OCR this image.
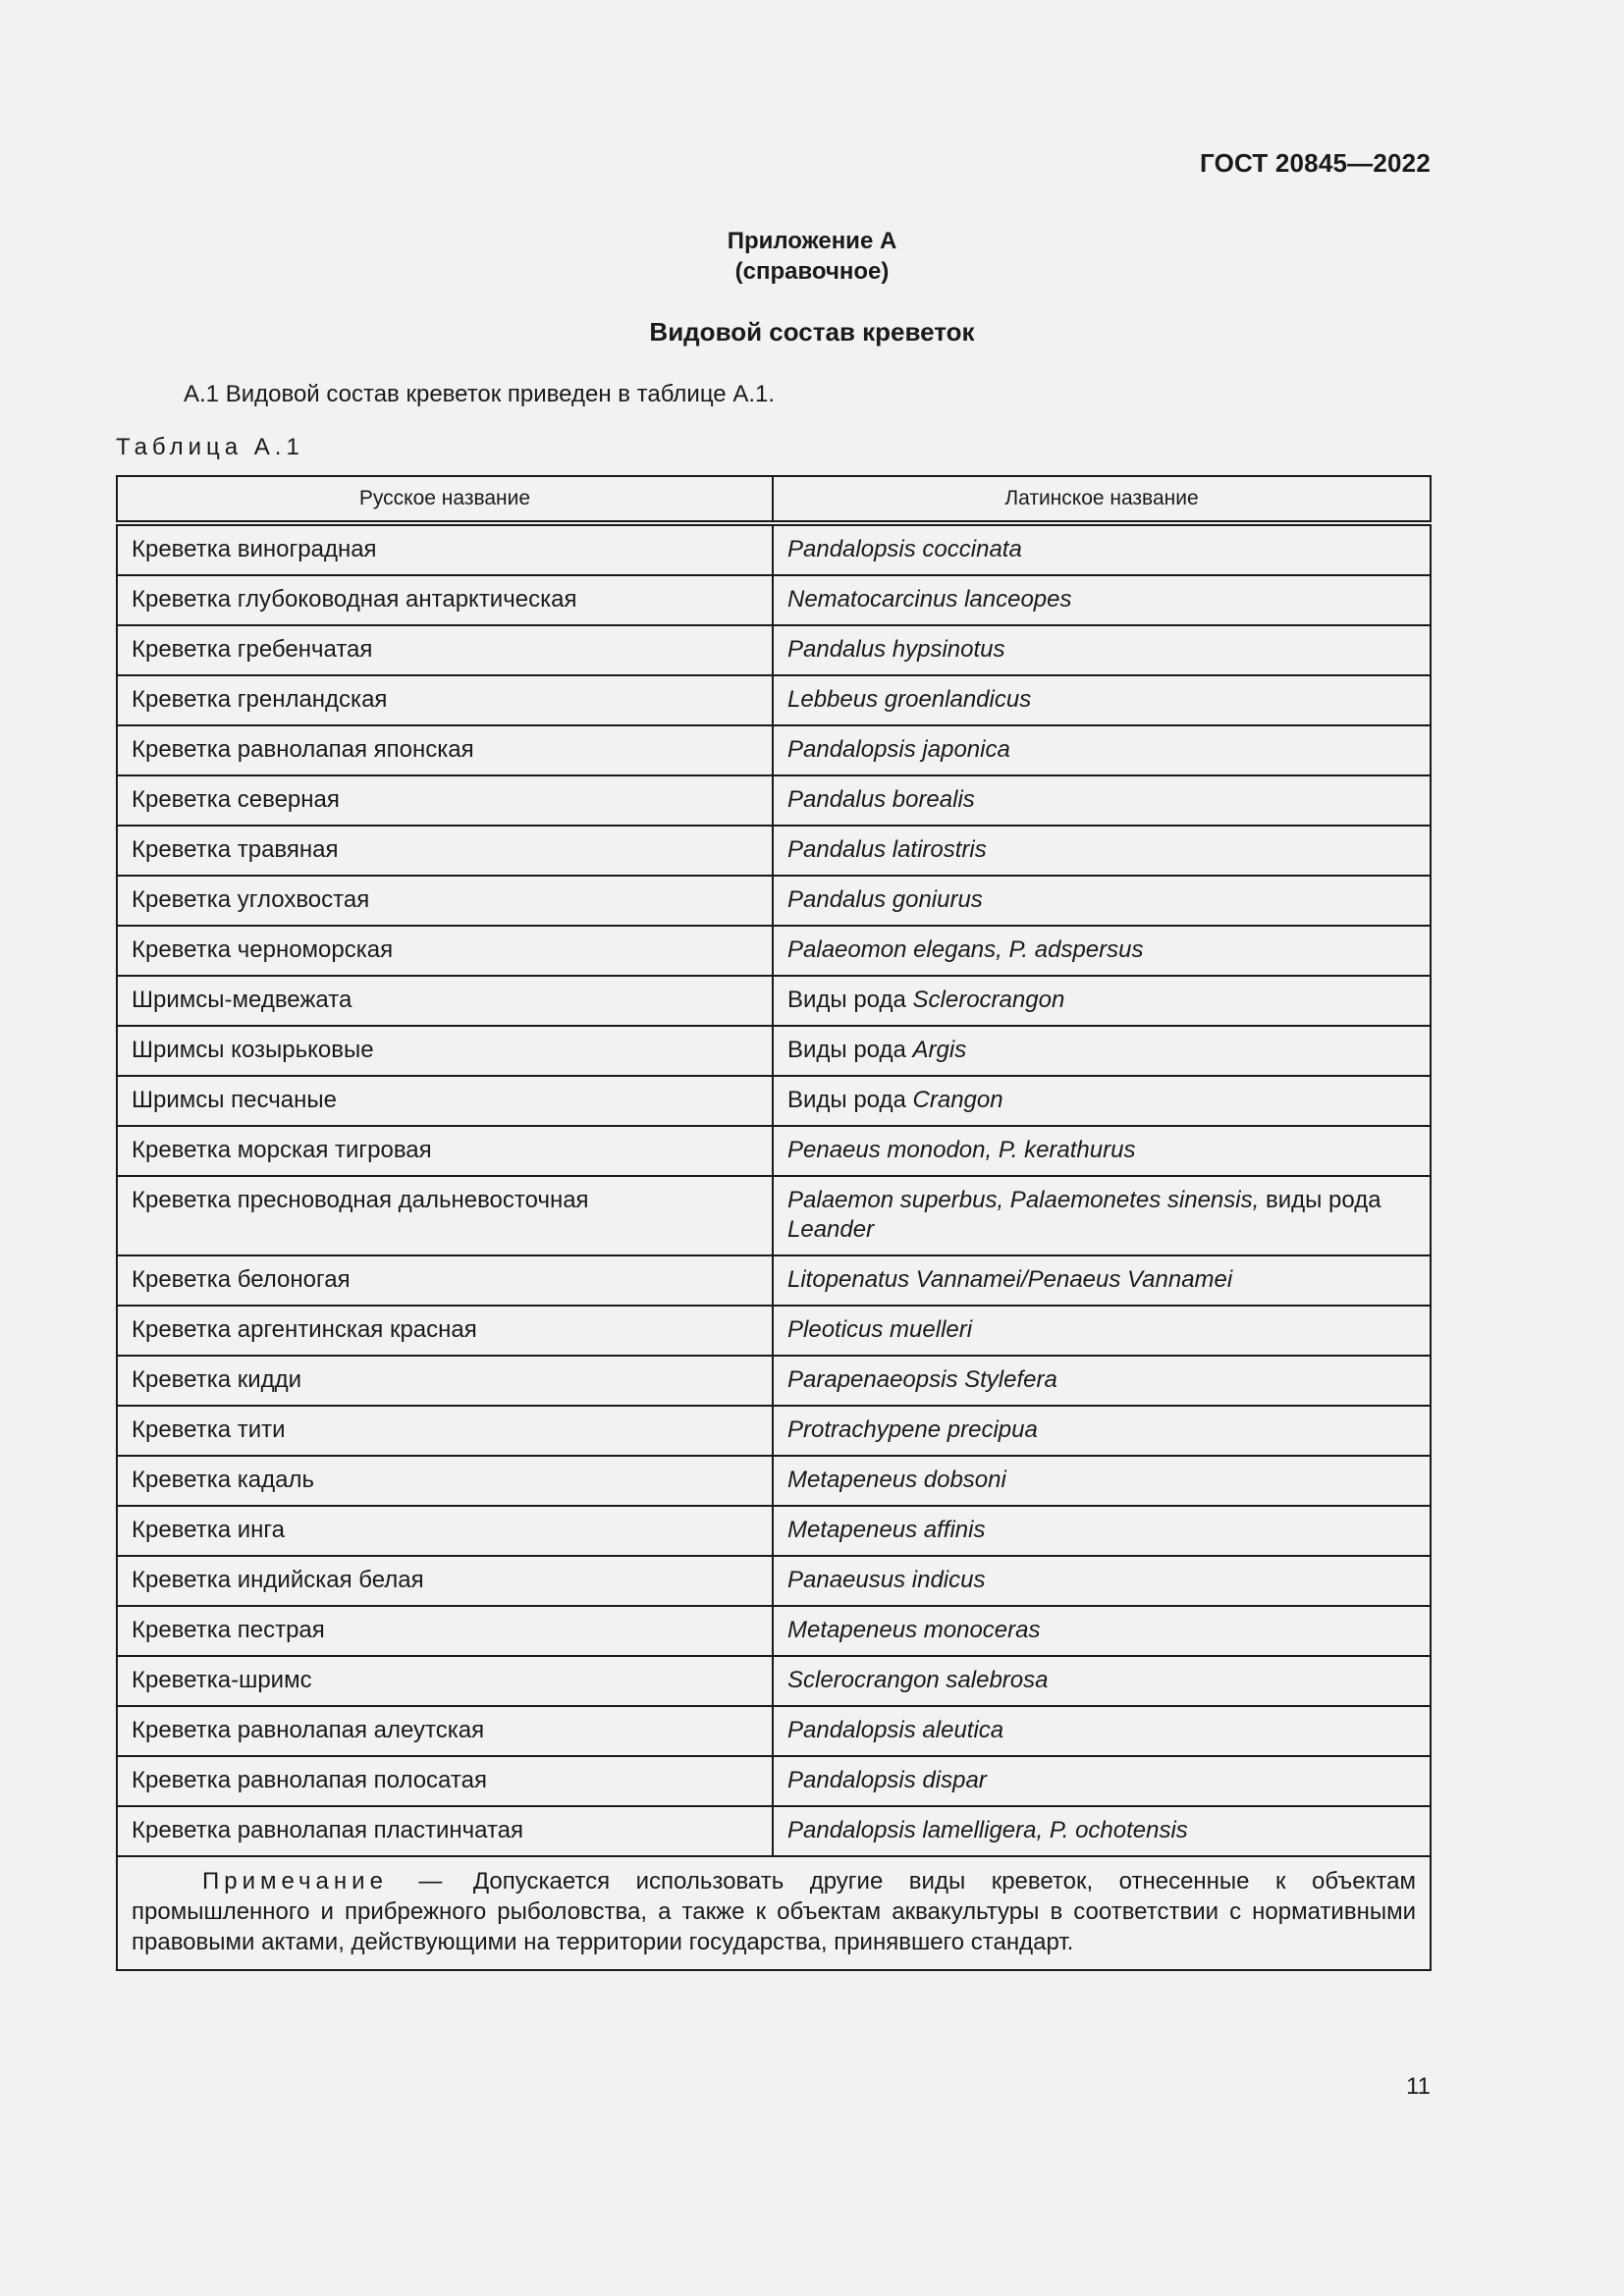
ГОСТ 20845—2022
Приложение А
(справочное)
Видовой состав креветок
А.1 Видовой состав креветок приведен в таблице А.1.
Таблица А.1
Русское название	Латинское название
Креветка виноградная	Pandalopsis coccinata
Креветка глубоководная антарктическая	Nematocarcinus lanceopes
Креветка гребенчатая	Pandalus hypsinotus
Креветка гренландская	Lebbeus groenlandicus
Креветка равнолапая японская	Pandalopsis japonica
Креветка северная	Pandalus borealis
Креветка травяная	Pandalus latirostris
Креветка углохвостая	Pandalus goniurus
Креветка черноморская	Palaeomon elegans, P. adspersus
Шримсы-медвежата	Виды рода Sclerocrangon
Шримсы козырьковые	Виды рода Argis
Шримсы песчаные	Виды рода Crangon
Креветка морская тигровая	Penaeus monodon, P. kerathurus
Креветка пресноводная дальневосточная	Palaemon superbus, Palaemonetes sinensis, виды рода Leander
Креветка белоногая	Litopenatus Vannamei/Penaeus Vannamei
Креветка аргентинская красная	Pleoticus muelleri
Креветка кидди	Parapenaeopsis Stylefera
Креветка тити	Protrachypene precipua
Креветка кадаль	Metapeneus dobsoni
Креветка инга	Metapeneus affinis
Креветка индийская белая	Panaeusus indicus
Креветка пестрая	Metapeneus monoceras
Креветка-шримс	Sclerocrangon salebrosa
Креветка равнолапая алеутская	Pandalopsis aleutica
Креветка равнолапая полосатая	Pandalopsis dispar
Креветка равнолапая пластинчатая	Pandalopsis lamelligera, P. ochotensis
Примечание — Допускается использовать другие виды креветок, отнесенные к объектам промышленного и прибрежного рыболовства, а также к объектам аквакультуры в соответствии с нормативными правовыми актами, действующими на территории государства, принявшего стандарт.	
11
